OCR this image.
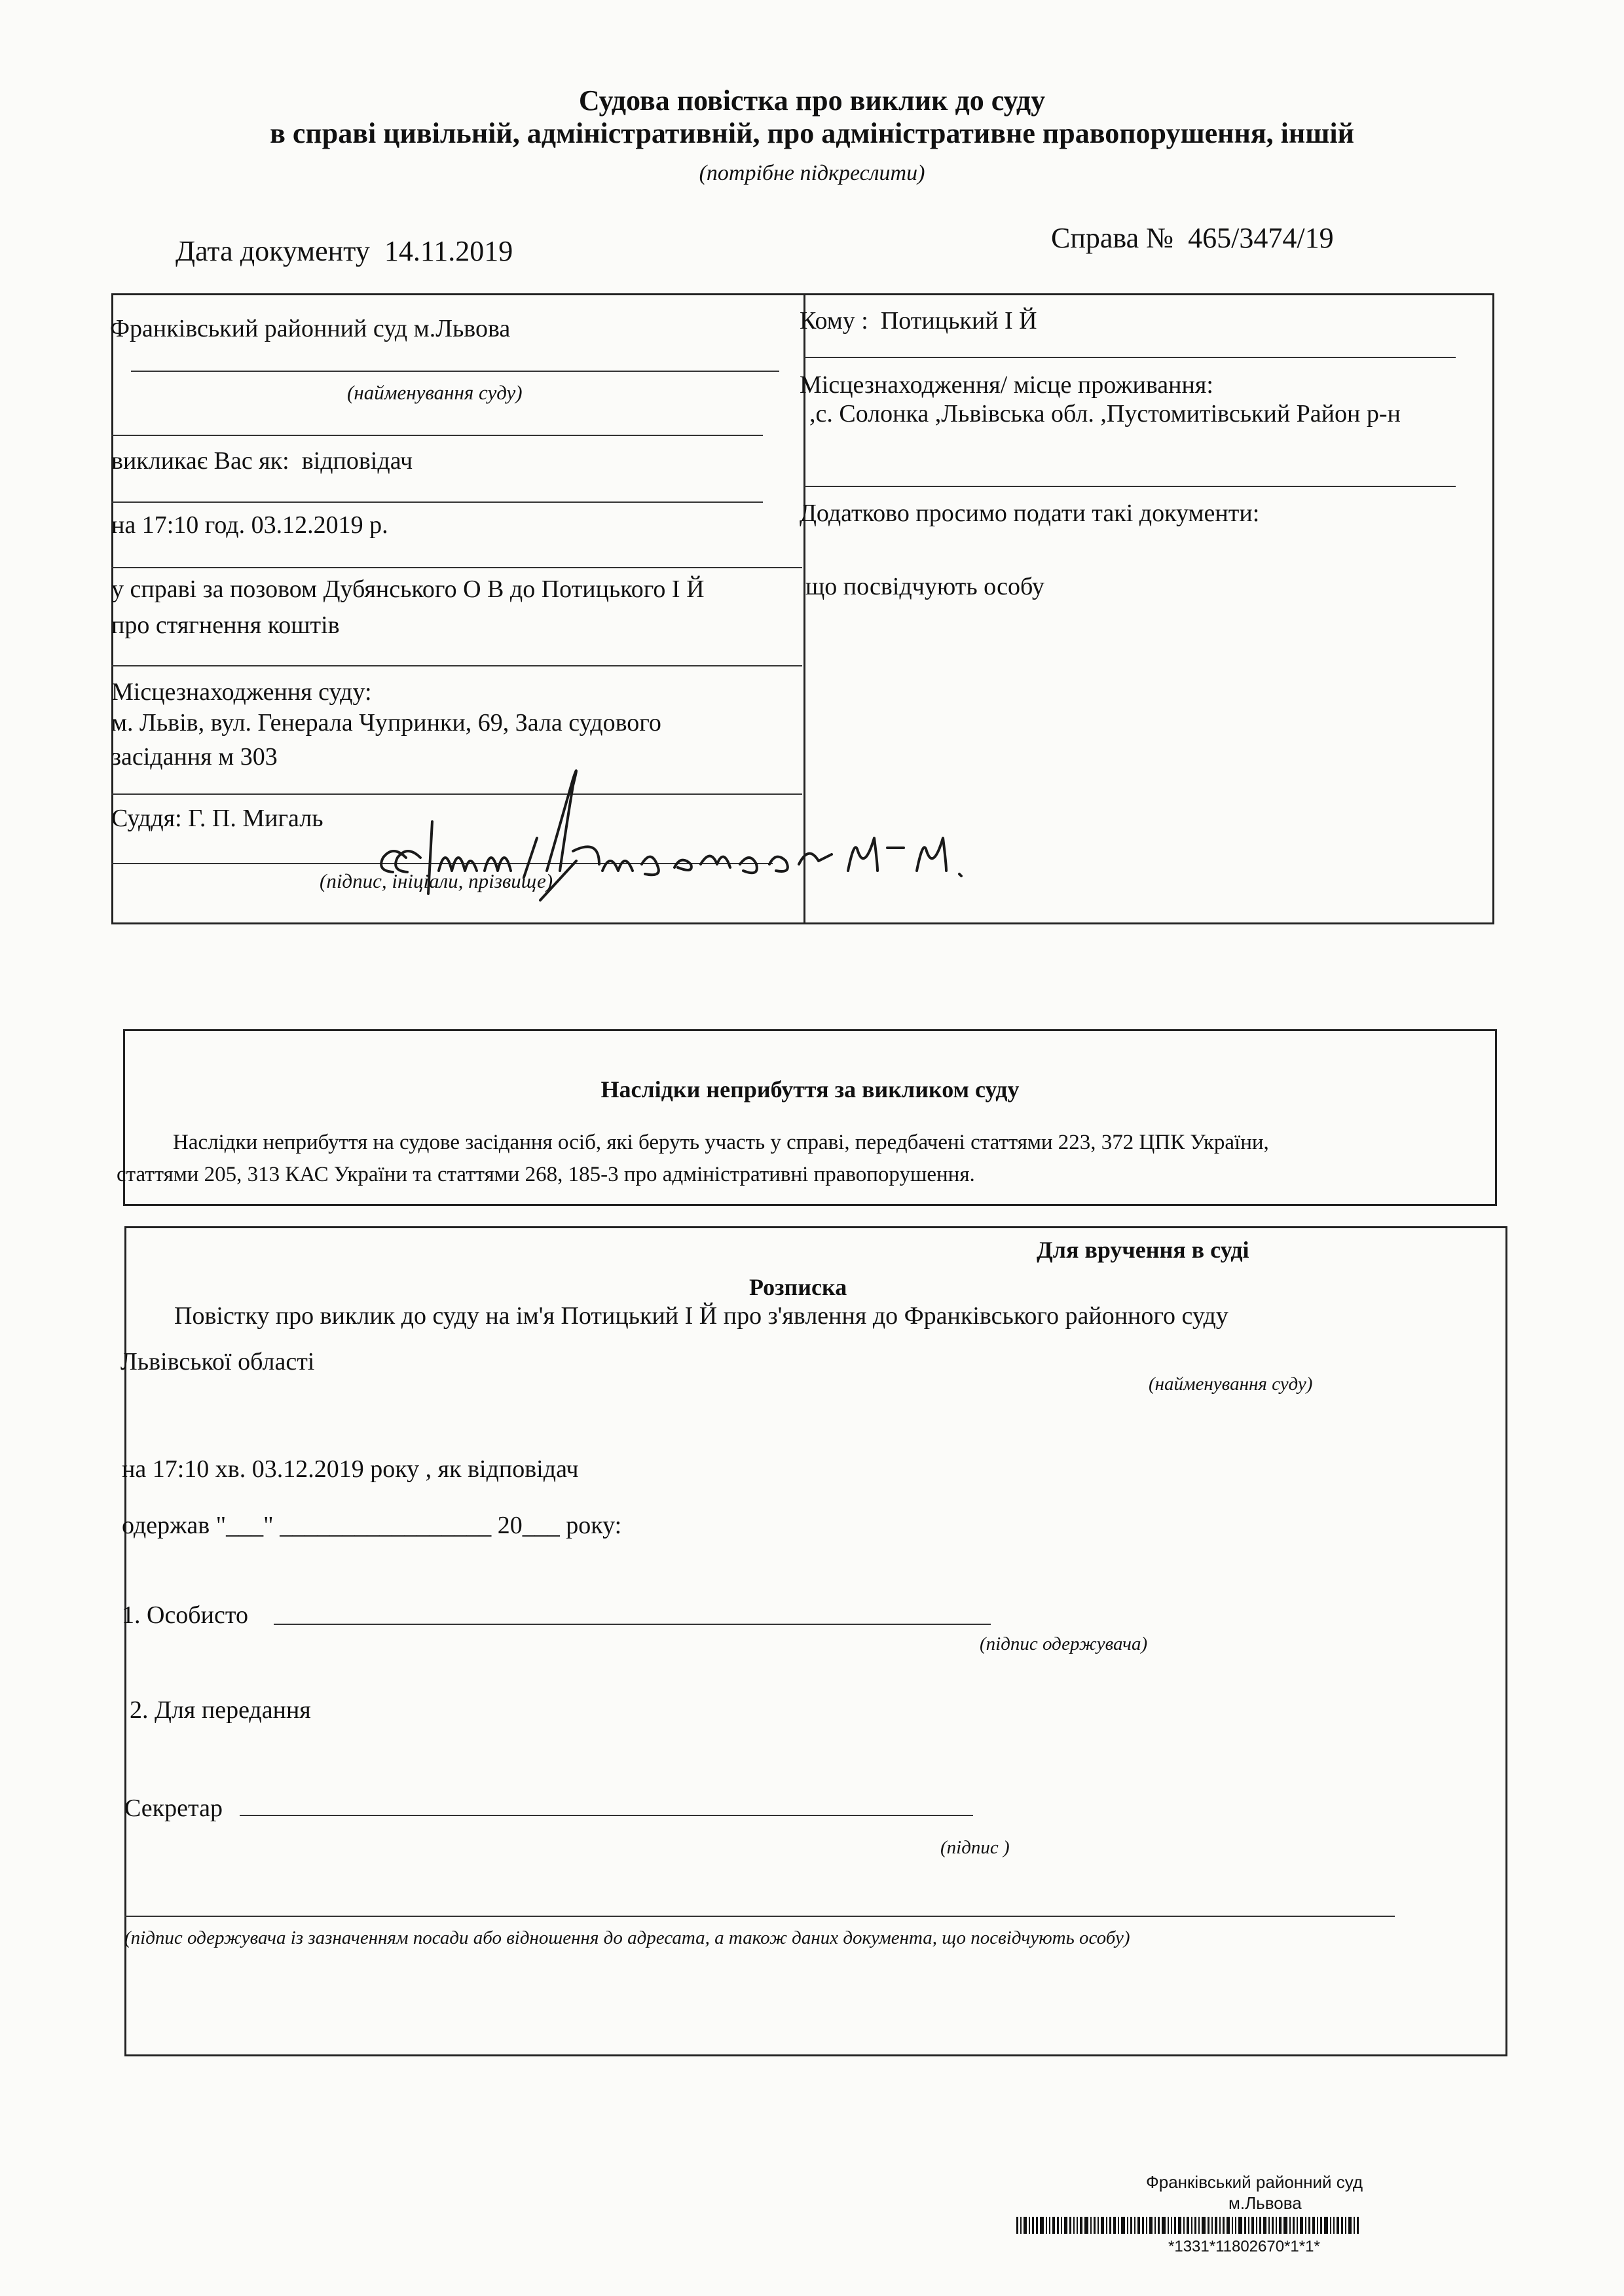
Судова повістка про виклик до суду
в справі цивільній, адміністративній, про адміністративне правопорушення, іншій
(потрібне підкреслити)
Дата документу 14.11.2019	Справа № 465/3474/19
Франківський районний суд м.Львова
(найменування суду)
викликає Вас як: відповідач
на 17:10 год. 03.12.2019 р.
у справі за позовом Дубянського О В до Потицького І Й
про стягнення коштів
Місцезнаходження суду:
м. Львів, вул. Генерала Чупринки, 69, Зала судового
засідання м 303
Суддя: Г. П. Мигаль
(підпис, ініціали, прізвище)
Кому : Потицький І Й
Місцезнаходження/ місце проживання:
,с. Солонка ,Львівська обл. ,Пустомитівський Район р-н
Додатково просимо подати такі документи:
що посвідчують особу
Наслідки неприбуття за викликом суду
Наслідки неприбуття на судове засідання осіб, які беруть участь у справі, передбачені статтями 223, 372 ЦПК України,
статтями 205, 313 КАС України та статтями 268, 185-3 про адміністративні правопорушення.
Для вручення в суді
Розписка
Повістку про виклик до суду на ім'я Потицький І Й про з'явлення до Франківського районного суду
Львівської області
(найменування суду)
на 17:10 хв. 03.12.2019 року , як відповідач
одержав "___" _________________ 20___ року:
1. Особисто
(підпис одержувача)
2. Для передання
Секретар
(підпис )
(підпис одержувача із зазначенням посади або відношення до адресата, а також даних документа, що посвідчують особу)
Франківський районний суд
м.Львова
*1331*11802670*1*1*
